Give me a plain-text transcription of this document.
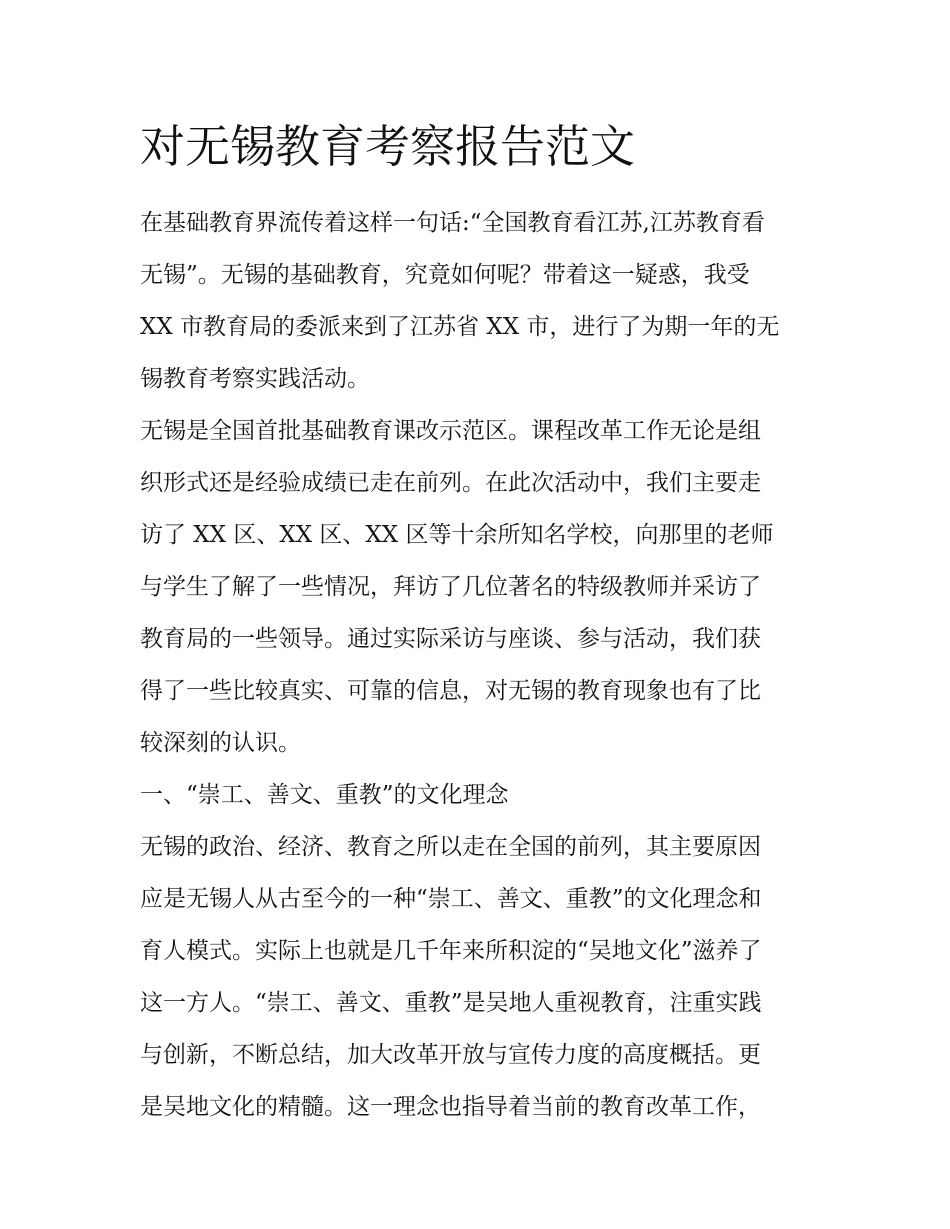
对无锡教育考察报告范文
在基础教育界流传着这样一句话:“全国教育看江苏,江苏教育看
无锡”。无锡的基础教育，究竟如何呢？带着这一疑惑，我受
XX 市教育局的委派来到了江苏省 XX 市，进行了为期一年的无
锡教育考察实践活动。
无锡是全国首批基础教育课改示范区。课程改革工作无论是组
织形式还是经验成绩已走在前列。在此次活动中，我们主要走
访了 XX 区、XX 区、XX 区等十余所知名学校，向那里的老师
与学生了解了一些情况，拜访了几位著名的特级教师并采访了
教育局的一些领导。通过实际采访与座谈、参与活动，我们获
得了一些比较真实、可靠的信息，对无锡的教育现象也有了比
较深刻的认识。
一、“崇工、善文、重教”的文化理念
无锡的政治、经济、教育之所以走在全国的前列，其主要原因
应是无锡人从古至今的一种“崇工、善文、重教”的文化理念和
育人模式。实际上也就是几千年来所积淀的“吴地文化”滋养了
这一方人。“崇工、善文、重教”是吴地人重视教育，注重实践
与创新，不断总结，加大改革开放与宣传力度的高度概括。更
是吴地文化的精髓。这一理念也指导着当前的教育改革工作，
